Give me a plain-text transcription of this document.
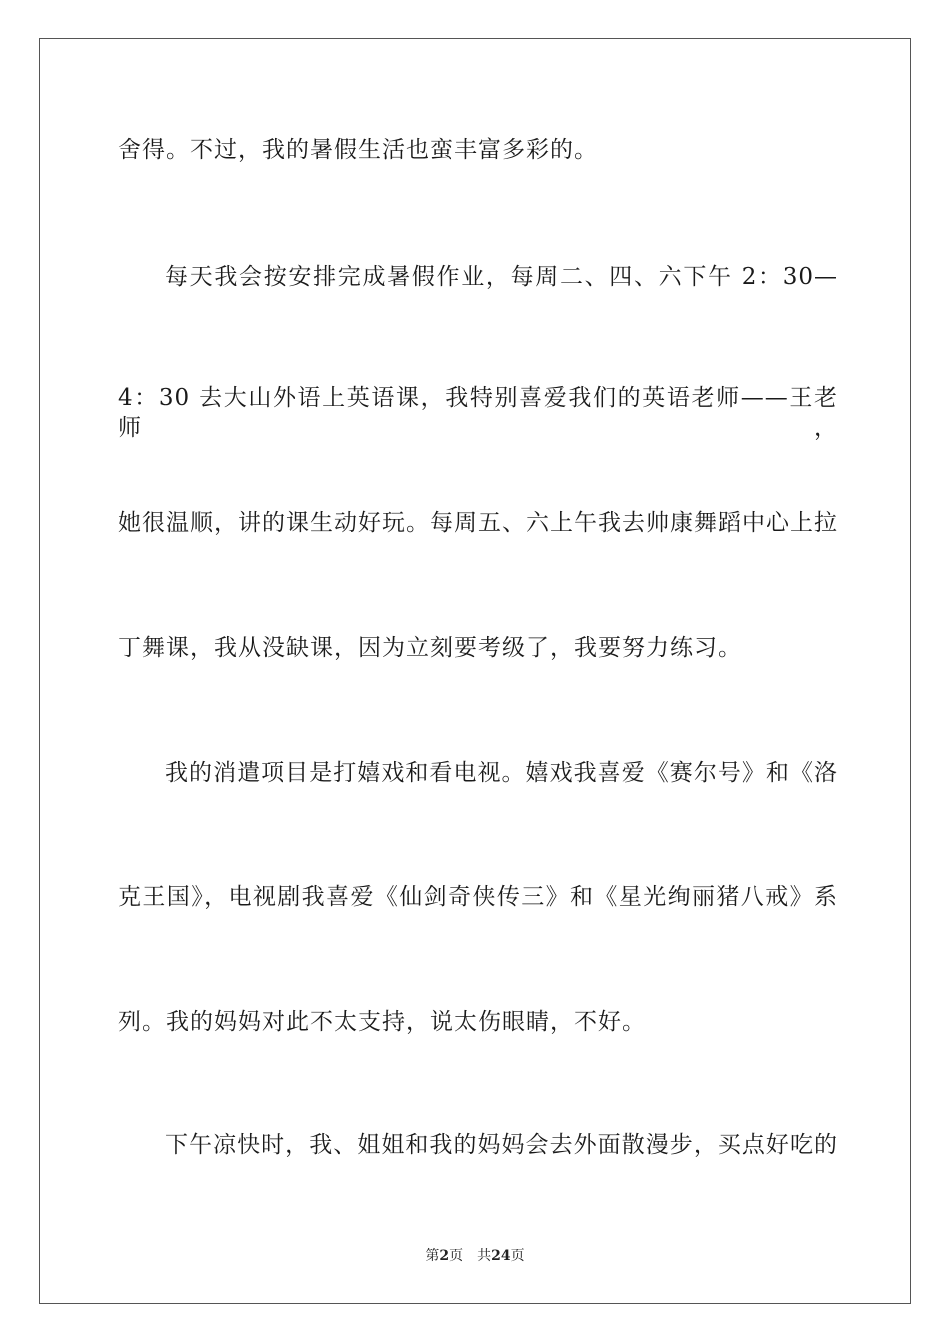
舍得。不过，我的暑假生活也蛮丰富多彩的。
每天我会按安排完成暑假作业，每周二、四、六下午 2：30—
4：30 去大山外语上英语课，我特别喜爱我们的英语老师——王老师，
她很温顺，讲的课生动好玩。每周五、六上午我去帅康舞蹈中心上拉
丁舞课，我从没缺课，因为立刻要考级了，我要努力练习。
我的消遣项目是打嬉戏和看电视。嬉戏我喜爱《赛尔号》和《洛
克王国》，电视剧我喜爱《仙剑奇侠传三》和《星光绚丽猪八戒》系
列。我的妈妈对此不太支持，说太伤眼睛，不好。
下午凉快时，我、姐姐和我的妈妈会去外面散漫步，买点好吃的
第2页 共24页
